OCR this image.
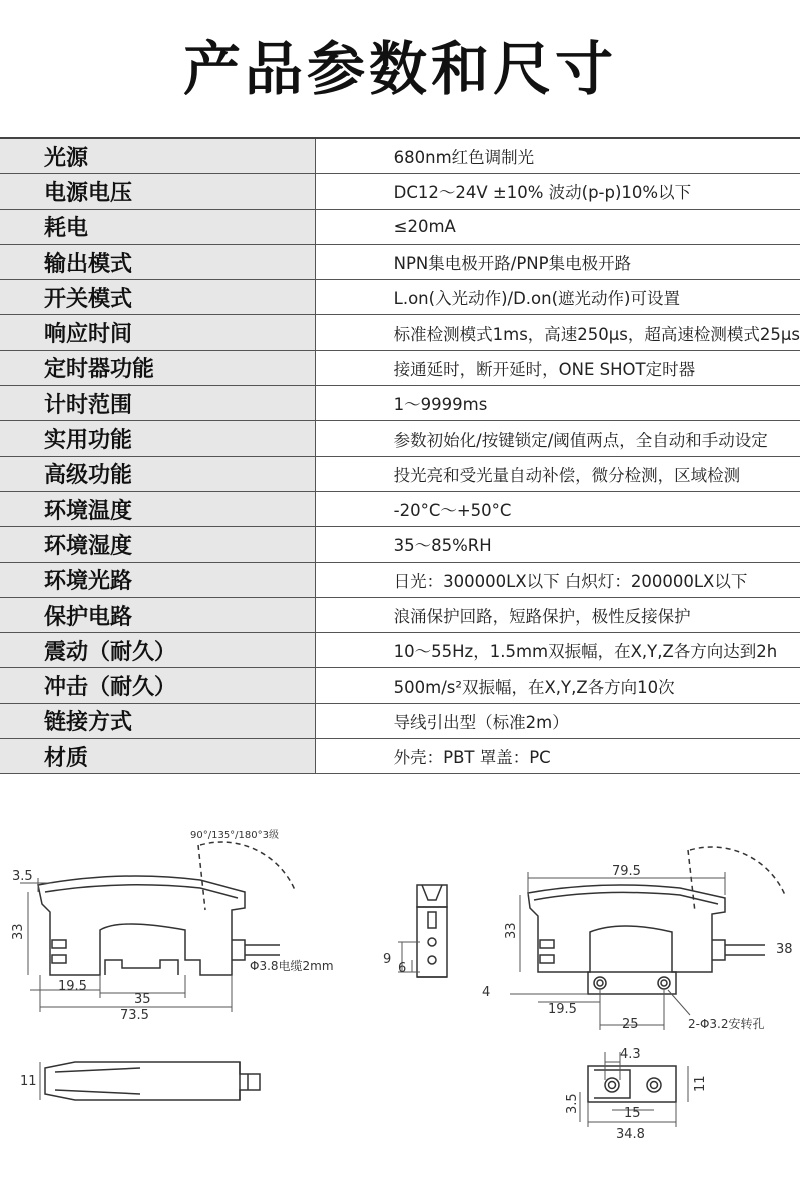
产品参数和尺寸
光源	680nm红色调制光
电源电压	DC12～24V ±10% 波动(p-p)10%以下
耗电	≤20mA
输出模式	NPN集电极开路/PNP集电极开路
开关模式	L.on(入光动作)/D.on(遮光动作)可设置
响应时间	标准检测模式1ms，高速250μs，超高速检测模式25μs
定时器功能	接通延时，断开延时，ONE SHOT定时器
计时范围	1～9999ms
实用功能	参数初始化/按键锁定/阈值两点，全自动和手动设定
高级功能	投光亮和受光量自动补偿，微分检测，区域检测
环境温度	-20°C～+50°C
环境湿度	35～85%RH
环境光路	日光：300000LX以下 白炽灯：200000LX以下
保护电路	浪涌保护回路，短路保护，极性反接保护
震动（耐久）	10～55Hz，1.5mm双振幅，在X,Y,Z各方向达到2h
冲击（耐久）	500m/s²双振幅，在X,Y,Z各方向10次
链接方式	导线引出型（标准2m）
材质	外壳：PBT 罩盖：PC
3.5
33
19.5
35
73.5
Φ3.8电缆2mm
90°/135°/180°3级
9
6
79.5
33
38
4
19.5
25	2-Φ3.2安转孔
11
4.3
11
3.5	15
34.8
